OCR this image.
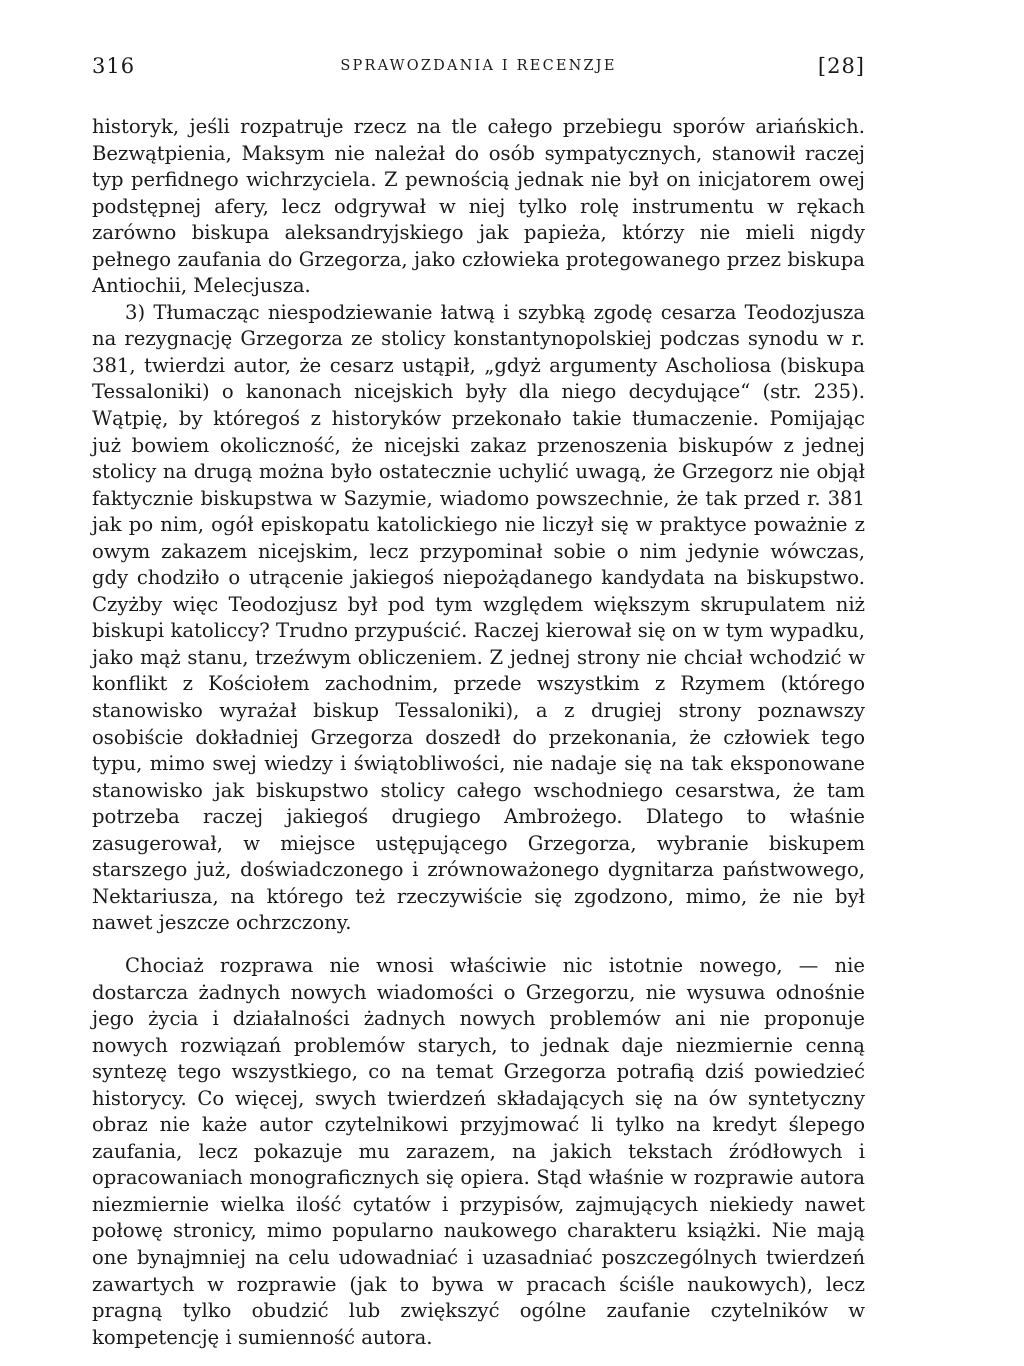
316	SPRAWOZDANIA I RECENZJE	[28]

historyk, jeśli rozpatruje rzecz na tle całego przebiegu sporów ariańskich. Bezwątpienia, Maksym nie należał do osób sympatycznych, stanowił raczej typ perfidnego wichrzyciela. Z pewnością jednak nie był on inicjatorem owej podstępnej afery, lecz odgrywał w niej tylko rolę instrumentu w rękach zarówno biskupa aleksandryjskiego jak papieża, którzy nie mieli nigdy pełnego zaufania do Grzegorza, jako człowieka protegowanego przez biskupa Antiochii, Melecjusza.

3) Tłumacząc niespodziewanie łatwą i szybką zgodę cesarza Teodozjusza na rezygnację Grzegorza ze stolicy konstantynopolskiej podczas synodu w r. 381, twierdzi autor, że cesarz ustąpił, „gdyż argumenty Ascholiosa (biskupa Tessaloniki) o kanonach nicejskich były dla niego decydujące“ (str. 235). Wątpię, by któregoś z historyków przekonało takie tłumaczenie. Pomijając już bowiem okoliczność, że nicejski zakaz przenoszenia biskupów z jednej stolicy na drugą można było ostatecznie uchylić uwagą, że Grzegorz nie objął faktycznie biskupstwa w Sazymie, wiadomo powszechnie, że tak przed r. 381 jak po nim, ogół episkopatu katolickiego nie liczył się w praktyce poważnie z owym zakazem nicejskim, lecz przypominał sobie o nim jedynie wówczas, gdy chodziło o utrącenie jakiegoś niepożądanego kandydata na biskupstwo. Czyżby więc Teodozjusz był pod tym względem większym skrupulatem niż biskupi katoliccy? Trudno przypuścić. Raczej kierował się on w tym wypadku, jako mąż stanu, trzeźwym obliczeniem. Z jednej strony nie chciał wchodzić w konflikt z Kościołem zachodnim, przede wszystkim z Rzymem (którego stanowisko wyrażał biskup Tessaloniki), a z drugiej strony poznawszy osobiście dokładniej Grzegorza doszedł do przekonania, że człowiek tego typu, mimo swej wiedzy i świątobliwości, nie nadaje się na tak eksponowane stanowisko jak biskupstwo stolicy całego wschodniego cesarstwa, że tam potrzeba raczej jakiegoś drugiego Ambrożego. Dlatego to właśnie zasugerował, w miejsce ustępującego Grzegorza, wybranie biskupem starszego już, doświadczonego i zrównoważonego dygnitarza państwowego, Nektariusza, na którego też rzeczywiście się zgodzono, mimo, że nie był nawet jeszcze ochrzczony.

Chociaż rozprawa nie wnosi właściwie nic istotnie nowego, — nie dostarcza żadnych nowych wiadomości o Grzegorzu, nie wysuwa odnośnie jego życia i działalności żadnych nowych problemów ani nie proponuje nowych rozwiązań problemów starych, to jednak daje niezmiernie cenną syntezę tego wszystkiego, co na temat Grzegorza potrafią dziś powiedzieć historycy. Co więcej, swych twierdzeń składających się na ów syntetyczny obraz nie każe autor czytelnikowi przyjmować li tylko na kredyt ślepego zaufania, lecz pokazuje mu zarazem, na jakich tekstach źródłowych i opracowaniach monograficznych się opiera. Stąd właśnie w rozprawie autora niezmiernie wielka ilość cytatów i przypisów, zajmujących niekiedy nawet połowę stronicy, mimo popularno naukowego charakteru książki. Nie mają one bynajmniej na celu udowadniać i uzasadniać poszczególnych twierdzeń zawartych w rozprawie (jak to bywa w pracach ściśle naukowych), lecz pragną tylko obudzić lub zwiększyć ogólne zaufanie czytelników w kompetencję i sumienność autora.
